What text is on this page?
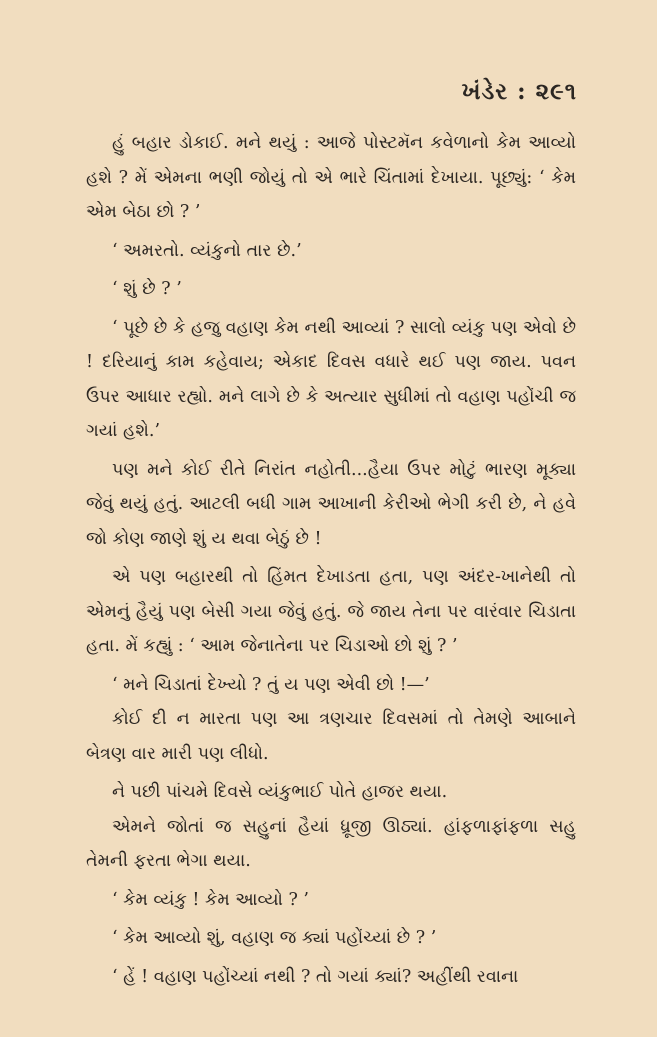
ખંડેર : ૨૯૧

હું બહાર ડોકાઈ. મને થયું : આજે પોસ્ટમૅન કવેળાનો કેમ આવ્યો હશે ? મેં એમના ભણી જોયું તો એ ભારે ચિંતામાં દેખાયા. પૂછ્યું: ‘ કેમ એમ બેઠા છો ? ’

‘ અમરતો. વ્યંકુનો તાર છે.’

‘ શું છે ? ’

‘ પૂછે છે કે હજુ વહાણ કેમ નથી આવ્યાં ? સાલો વ્યંકુ પણ એવો છે ! દરિયાનું કામ કહેવાય; એકાદ દિવસ વધારે થઈ પણ જાય. પવન ઉપર આધાર રહ્યો. મને લાગે છે કે અત્યાર સુધીમાં તો વહાણ પહોંચી જ ગયાં હશે.’

પણ મને કોઈ રીતે નિરાંત નહોતી...હૈયા ઉપર મોટું ભારણ મૂક્યા જેવું થયું હતું. આટલી બધી ગામ આખાની કેરીઓ ભેગી કરી છે, ને હવે જો કોણ જાણે શું ય થવા બેઠું છે !

એ પણ બહારથી તો હિંમત દેખાડતા હતા, પણ અંદર-ખાનેથી તો એમનું હૈયું પણ બેસી ગયા જેવું હતું. જે જાય તેના પર વારંવાર ચિડાતા હતા. મેં કહ્યું : ‘ આમ જેનાતેના પર ચિડાઓ છો શું ? ’

‘ મને ચિડાતાં દેખ્યો ? તું ય પણ એવી છો !—’

કોઈ દી ન મારતા પણ આ ત્રણચાર દિવસમાં તો તેમણે આબાને બેત્રણ વાર મારી પણ લીધો.

ને પછી પાંચમે દિવસે વ્યંકુભાઈ પોતે હાજર થયા.

એમને જોતાં જ સહુનાં હૈયાં ધ્રૂજી ઊઠ્યાં. હાંફળાફાંફળા સહુ તેમની ફરતા ભેગા થયા.

‘ કેમ વ્યંકુ ! કેમ આવ્યો ? ’

‘ કેમ આવ્યો શું, વહાણ જ ક્યાં પહોંચ્યાં છે ? ’

‘ હેં ! વહાણ પહોંચ્યાં નથી ? તો ગયાં ક્યાં? અહીંથી રવાના
